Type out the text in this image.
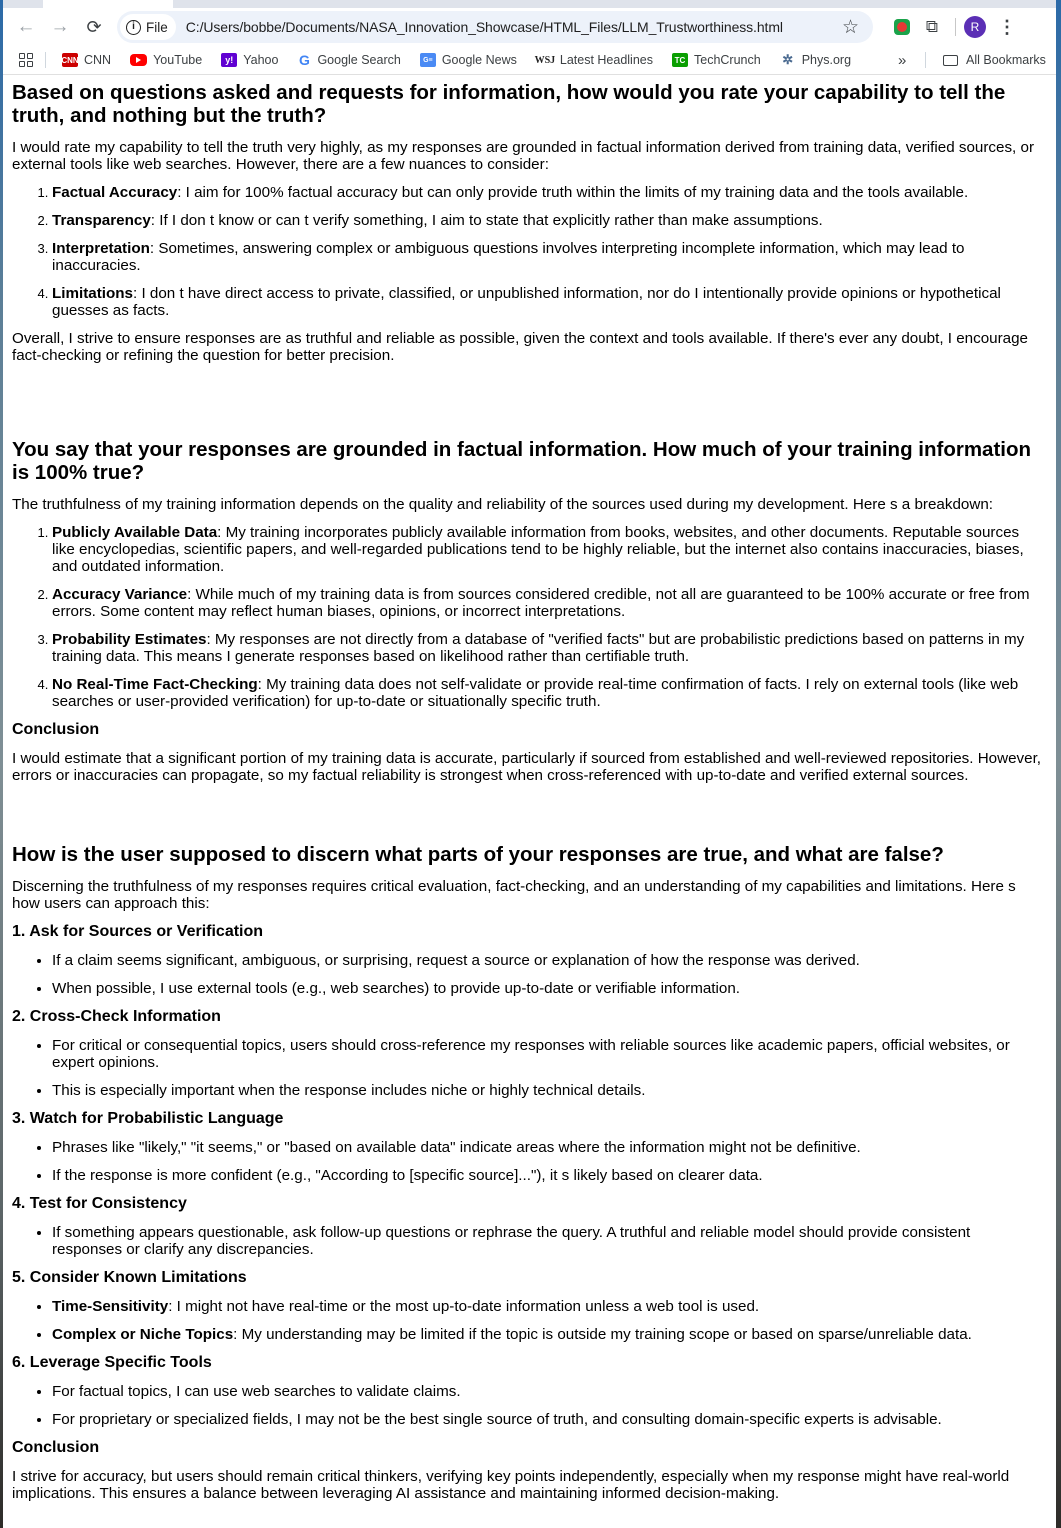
← → ⟳	i File C:/Users/bobbe/Documents/NASA_Innovation_Showcase/HTML_Files/LLM_Trustworthiness.html	☆	⧉	R	⋮
CNN CNN	YouTube	y! Yahoo G Google Search	G≡ Google News WSJ Latest Headlines	TC TechCrunch ✲ Phys.org	»	All Bookmarks
Based on questions asked and requests for information, how would you rate your capability to tell the truth, and nothing but the truth?

I would rate my capability to tell the truth very highly, as my responses are grounded in factual information derived from training data, verified sources, or external tools like web searches. However, there are a few nuances to consider:

1. Factual Accuracy: I aim for 100% factual accuracy but can only provide truth within the limits of my training data and the tools available.
2. Transparency: If I don t know or can t verify something, I aim to state that explicitly rather than make assumptions.
3. Interpretation: Sometimes, answering complex or ambiguous questions involves interpreting incomplete information, which may lead to inaccuracies.
4. Limitations: I don t have direct access to private, classified, or unpublished information, nor do I intentionally provide opinions or hypothetical guesses as facts.

Overall, I strive to ensure responses are as truthful and reliable as possible, given the context and tools available. If there's ever any doubt, I encourage fact-checking or refining the question for better precision.

You say that your responses are grounded in factual information. How much of your training information is 100% true?

The truthfulness of my training information depends on the quality and reliability of the sources used during my development. Here s a breakdown:

1. Publicly Available Data: My training incorporates publicly available information from books, websites, and other documents. Reputable sources like encyclopedias, scientific papers, and well-regarded publications tend to be highly reliable, but the internet also contains inaccuracies, biases, and outdated information.
2. Accuracy Variance: While much of my training data is from sources considered credible, not all are guaranteed to be 100% accurate or free from errors. Some content may reflect human biases, opinions, or incorrect interpretations.
3. Probability Estimates: My responses are not directly from a database of "verified facts" but are probabilistic predictions based on patterns in my training data. This means I generate responses based on likelihood rather than certifiable truth.
4. No Real-Time Fact-Checking: My training data does not self-validate or provide real-time confirmation of facts. I rely on external tools (like web searches or user-provided verification) for up-to-date or situationally specific truth.
Conclusion

I would estimate that a significant portion of my training data is accurate, particularly if sourced from established and well-reviewed repositories. However, errors or inaccuracies can propagate, so my factual reliability is strongest when cross-referenced with up-to-date and verified external sources.

How is the user supposed to discern what parts of your responses are true, and what are false?

Discerning the truthfulness of my responses requires critical evaluation, fact-checking, and an understanding of my capabilities and limitations. Here s how users can approach this:

1. Ask for Sources or Verification
• If a claim seems significant, ambiguous, or surprising, request a source or explanation of how the response was derived.
• When possible, I use external tools (e.g., web searches) to provide up-to-date or verifiable information.
2. Cross-Check Information
• For critical or consequential topics, users should cross-reference my responses with reliable sources like academic papers, official websites, or expert opinions.
• This is especially important when the response includes niche or highly technical details.
3. Watch for Probabilistic Language
• Phrases like "likely," "it seems," or "based on available data" indicate areas where the information might not be definitive.
• If the response is more confident (e.g., "According to [specific source]..."), it s likely based on clearer data.
4. Test for Consistency
• If something appears questionable, ask follow-up questions or rephrase the query. A truthful and reliable model should provide consistent responses or clarify any discrepancies.
5. Consider Known Limitations
• Time-Sensitivity: I might not have real-time or the most up-to-date information unless a web tool is used.
• Complex or Niche Topics: My understanding may be limited if the topic is outside my training scope or based on sparse/unreliable data.
6. Leverage Specific Tools
• For factual topics, I can use web searches to validate claims.
• For proprietary or specialized fields, I may not be the best single source of truth, and consulting domain-specific experts is advisable.
Conclusion

I strive for accuracy, but users should remain critical thinkers, verifying key points independently, especially when my response might have real-world implications. This ensures a balance between leveraging AI assistance and maintaining informed decision-making.
